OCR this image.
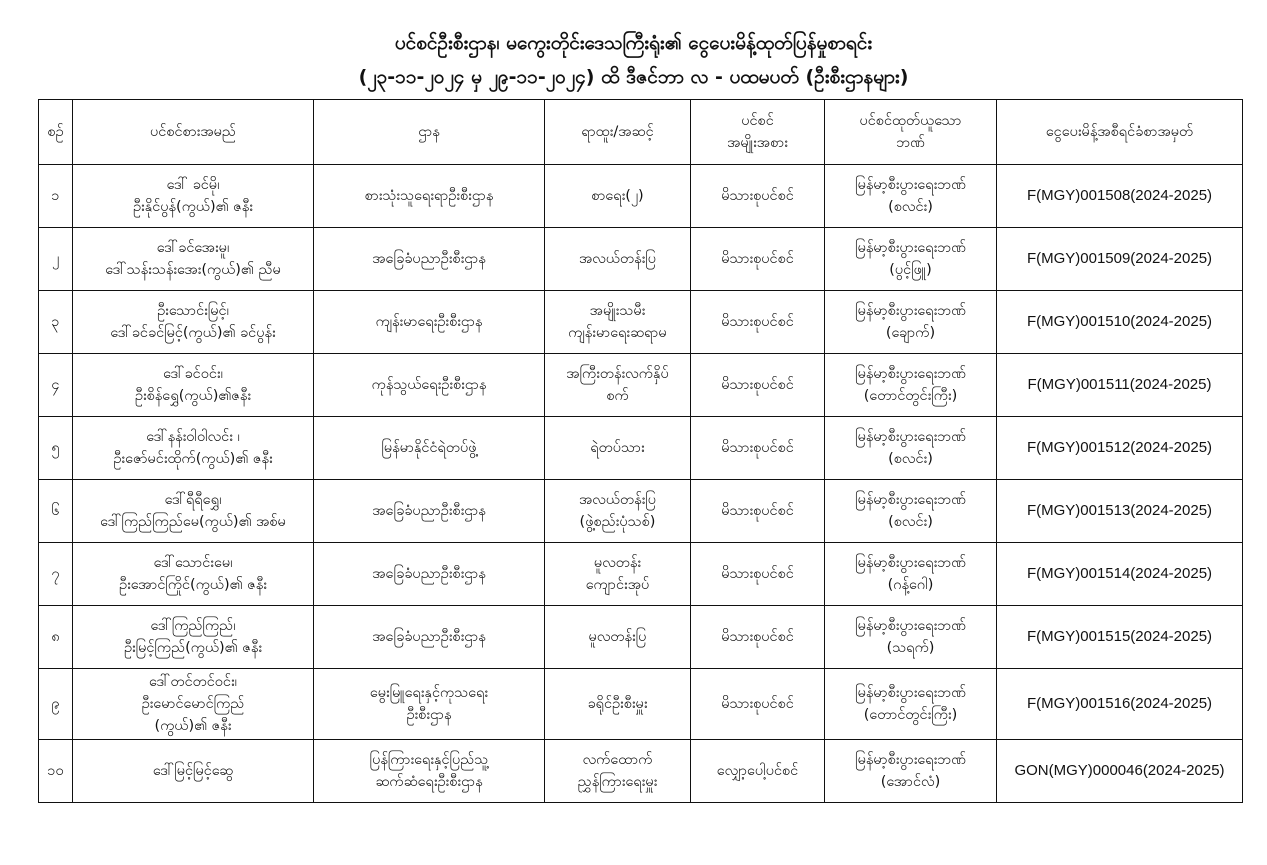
ပင်စင်ဦးစီးဌာန၊ မကွေးတိုင်းဒေသကြီးရုံး၏ ငွေပေးမိန့်ထုတ်ပြန်မှုစာရင်း
(၂၃-၁၁-၂၀၂၄ မှ ၂၉-၁၁-၂၀၂၄) ထိ ဒီဇင်ဘာ လ - ပထမပတ် (ဦးစီးဌာနများ)
စဉ်	ပင်စင်စားအမည်	ဌာန	ရာထူး/အဆင့်	ပင်စင်
အမျိုးအစား	ပင်စင်ထုတ်ယူသော
ဘဏ်	ငွေပေးမိန့်အစီရင်ခံစာအမှတ်

၁	ဒေါ် ခင်မို၊
ဦးနိုင်ပွန်(ကွယ်)၏ ဇနီး	စားသုံးသူရေးရာဦးစီးဌာန	စာရေး(၂)	မိသားစုပင်စင်	မြန်မာ့စီးပွားရေးဘဏ်
(စလင်း)	F(MGY)001508(2024-2025)

၂	ဒေါ်ခင်အေးမူ၊
ဒေါ်သန်းသန်းအေး(ကွယ်)၏ ညီမ	အခြေခံပညာဦးစီးဌာန	အလယ်တန်းပြ	မိသားစုပင်စင်	မြန်မာ့စီးပွားရေးဘဏ်
(ပွင့်ဖြူ)	F(MGY)001509(2024-2025)

၃	ဦးသောင်းမြင့်၊
ဒေါ်ခင်ခင်မြင့်(ကွယ်)၏ ခင်ပွန်း	ကျန်းမာရေးဦးစီးဌာန	အမျိုးသမီး
ကျန်းမာရေးဆရာမ	မိသားစုပင်စင်	မြန်မာ့စီးပွားရေးဘဏ်
(ချောက်)	F(MGY)001510(2024-2025)

၄	ဒေါ်ခင်ဝင်း၊
ဦးစိန်ရွှေ(ကွယ်)၏ဇနီး	ကုန်သွယ်ရေးဦးစီးဌာန	အကြီးတန်းလက်နှိပ်
စက်	မိသားစုပင်စင်	မြန်မာ့စီးပွားရေးဘဏ်
(တောင်တွင်းကြီး)	F(MGY)001511(2024-2025)

၅	ဒေါ်နန်းဝါဝါလင်း ၊
ဦးဇော်မင်းထိုက်(ကွယ်)၏ ဇနီး	မြန်မာနိုင်ငံရဲတပ်ဖွဲ့	ရဲတပ်သား	မိသားစုပင်စင်	မြန်မာ့စီးပွားရေးဘဏ်
(စလင်း)	F(MGY)001512(2024-2025)

၆	ဒေါ်ရီရီရွှေ၊
ဒေါ်ကြည်ကြည်မေ(ကွယ်)၏ အစ်မ	အခြေခံပညာဦးစီးဌာန	အလယ်တန်းပြ
(ဖွဲ့စည်းပုံသစ်)	မိသားစုပင်စင်	မြန်မာ့စီးပွားရေးဘဏ်
(စလင်း)	F(MGY)001513(2024-2025)

၇	ဒေါ်သောင်းမေ၊
ဦးအောင်ကြိုင်(ကွယ်)၏ ဇနီး	အခြေခံပညာဦးစီးဌာန	မူလတန်း
ကျောင်းအုပ်	မိသားစုပင်စင်	မြန်မာ့စီးပွားရေးဘဏ်
(ဂန့်ဂေါ)	F(MGY)001514(2024-2025)

၈	ဒေါ်ကြည်ကြည်၊
ဦးမြင့်ကြည်(ကွယ်)၏ ဇနီး	အခြေခံပညာဦးစီးဌာန	မူလတန်းပြ	မိသားစုပင်စင်	မြန်မာ့စီးပွားရေးဘဏ်
(သရက်)	F(MGY)001515(2024-2025)

၉	ဒေါ်တင်တင်ဝင်း၊
ဦးမောင်မောင်ကြည်
(ကွယ်)၏ ဇနီး	မွေးမြူရေးနှင့်ကုသရေး
ဦးစီးဌာန	ခရိုင်ဦးစီးမှူး	မိသားစုပင်စင်	မြန်မာ့စီးပွားရေးဘဏ်
(တောင်တွင်းကြီး)	F(MGY)001516(2024-2025)

၁၀	ဒေါ်မြင့်မြင့်ဆွေ	ပြန်ကြားရေးနှင့်ပြည်သူ့
ဆက်ဆံရေးဦးစီးဌာန	လက်ထောက်
ညွှန်ကြားရေးမှူး	လျှော့ပေါ့ပင်စင်	မြန်မာ့စီးပွားရေးဘဏ်
(အောင်လံ)	GON(MGY)000046(2024-2025)
